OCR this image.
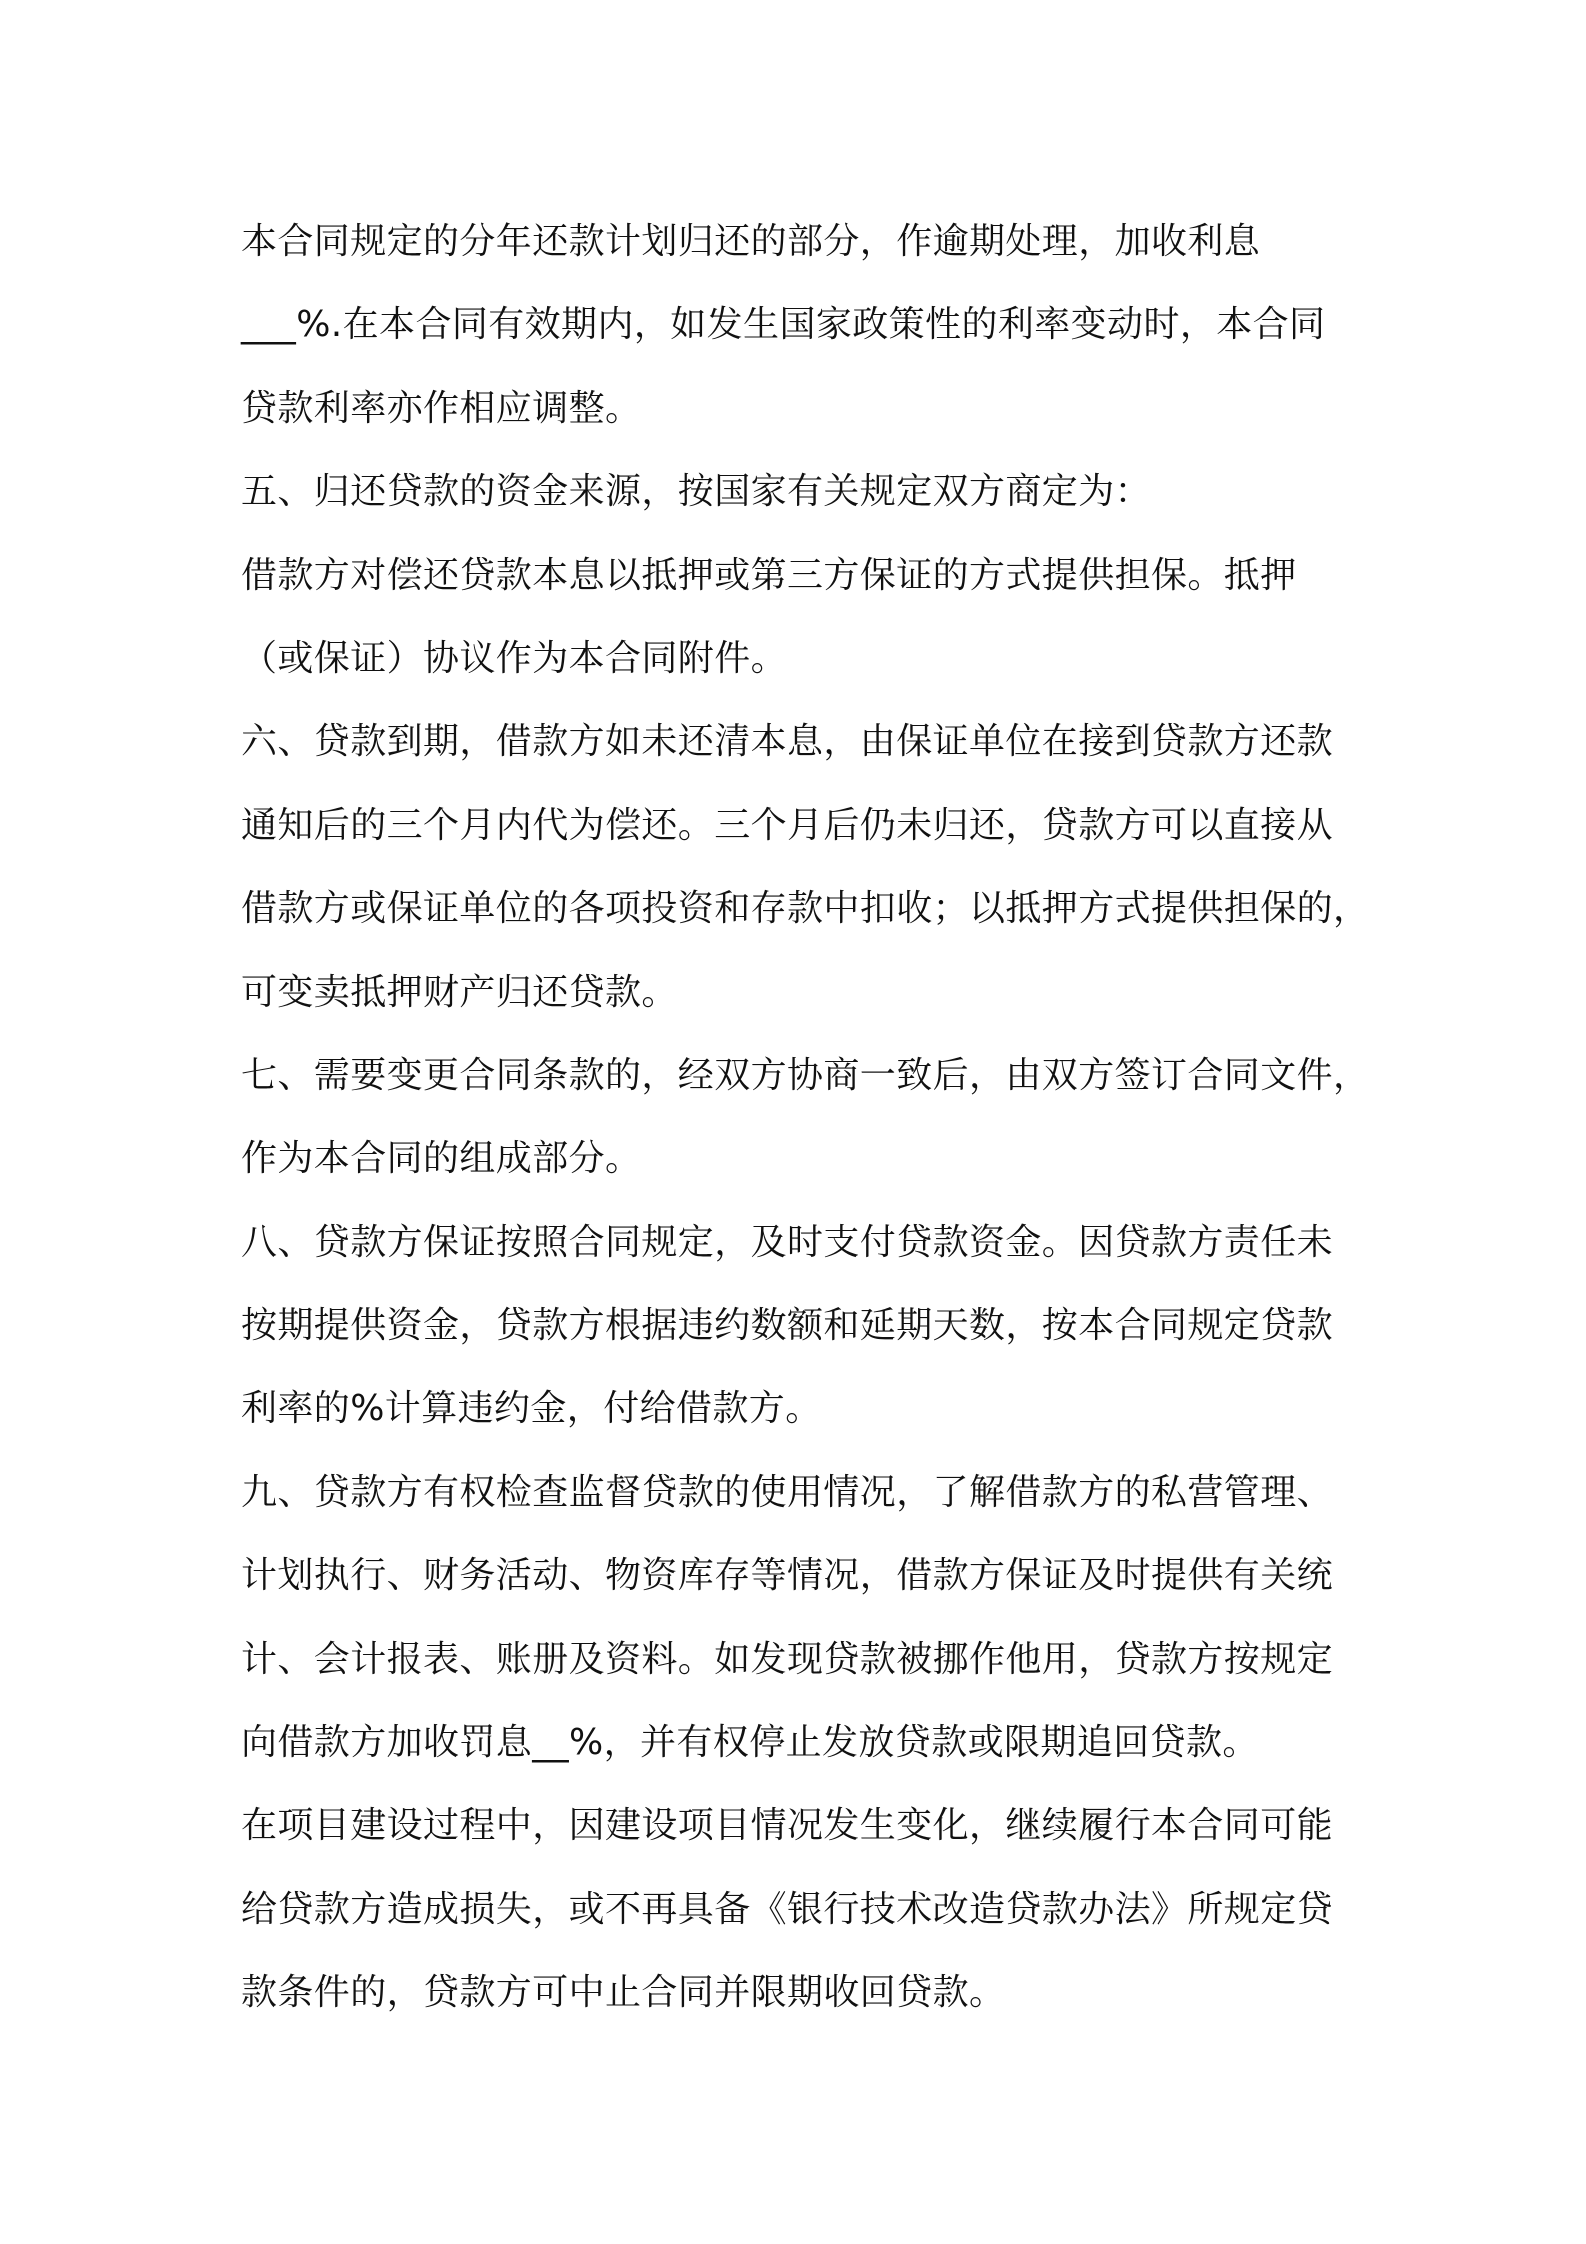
本合同规定的分年还款计划归还的部分，作逾期处理，加收利息
___%.在本合同有效期内，如发生国家政策性的利率变动时，本合同
贷款利率亦作相应调整。
五、归还贷款的资金来源，按国家有关规定双方商定为：
借款方对偿还贷款本息以抵押或第三方保证的方式提供担保。抵押
（或保证）协议作为本合同附件。
六、贷款到期，借款方如未还清本息，由保证单位在接到贷款方还款
通知后的三个月内代为偿还。三个月后仍未归还，贷款方可以直接从
借款方或保证单位的各项投资和存款中扣收；以抵押方式提供担保的，
可变卖抵押财产归还贷款。
七、需要变更合同条款的，经双方协商一致后，由双方签订合同文件，
作为本合同的组成部分。
八、贷款方保证按照合同规定，及时支付贷款资金。因贷款方责任未
按期提供资金，贷款方根据违约数额和延期天数，按本合同规定贷款
利率的%计算违约金，付给借款方。
九、贷款方有权检查监督贷款的使用情况，了解借款方的私营管理、
计划执行、财务活动、物资库存等情况，借款方保证及时提供有关统
计、会计报表、账册及资料。如发现贷款被挪作他用，贷款方按规定
向借款方加收罚息__%，并有权停止发放贷款或限期追回贷款。
在项目建设过程中，因建设项目情况发生变化，继续履行本合同可能
给贷款方造成损失，或不再具备《银行技术改造贷款办法》所规定贷
款条件的，贷款方可中止合同并限期收回贷款。
